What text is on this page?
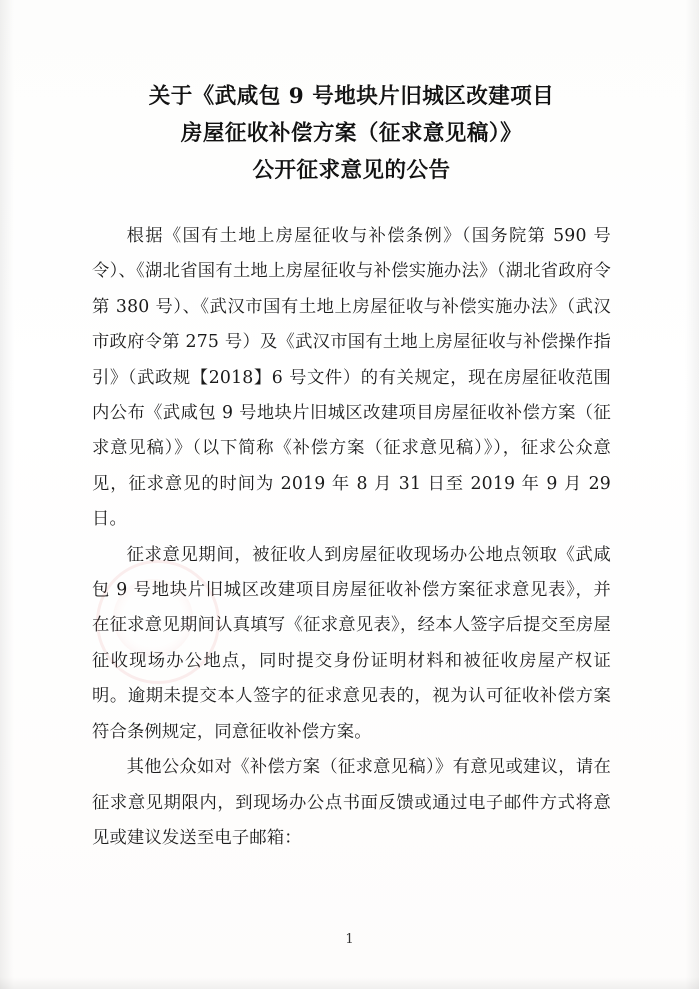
关于《武咸包 9 号地块片旧城区改建项目
房屋征收补偿方案（征求意见稿）》
公开征求意见的公告

根据《国有土地上房屋征收与补偿条例》（国务院第 590 号令）、《湖北省国有土地上房屋征收与补偿实施办法》（湖北省政府令第 380 号）、《武汉市国有土地上房屋征收与补偿实施办法》（武汉市政府令第 275 号）及《武汉市国有土地上房屋征收与补偿操作指引》（武政规【2018】6 号文件）的有关规定，现在房屋征收范围内公布《武咸包 9 号地块片旧城区改建项目房屋征收补偿方案（征求意见稿）》（以下简称《补偿方案（征求意见稿）》），征求公众意见，征求意见的时间为 2019 年 8 月 31 日至 2019 年 9 月 29 日。

征求意见期间，被征收人到房屋征收现场办公地点领取《武咸包 9 号地块片旧城区改建项目房屋征收补偿方案征求意见表》，并在征求意见期间认真填写《征求意见表》，经本人签字后提交至房屋征收现场办公地点，同时提交身份证明材料和被征收房屋产权证明。逾期未提交本人签字的征求意见表的，视为认可征收补偿方案符合条例规定，同意征收补偿方案。

其他公众如对《补偿方案（征求意见稿）》有意见或建议，请在征求意见期限内，到现场办公点书面反馈或通过电子邮件方式将意见或建议发送至电子邮箱：

1
